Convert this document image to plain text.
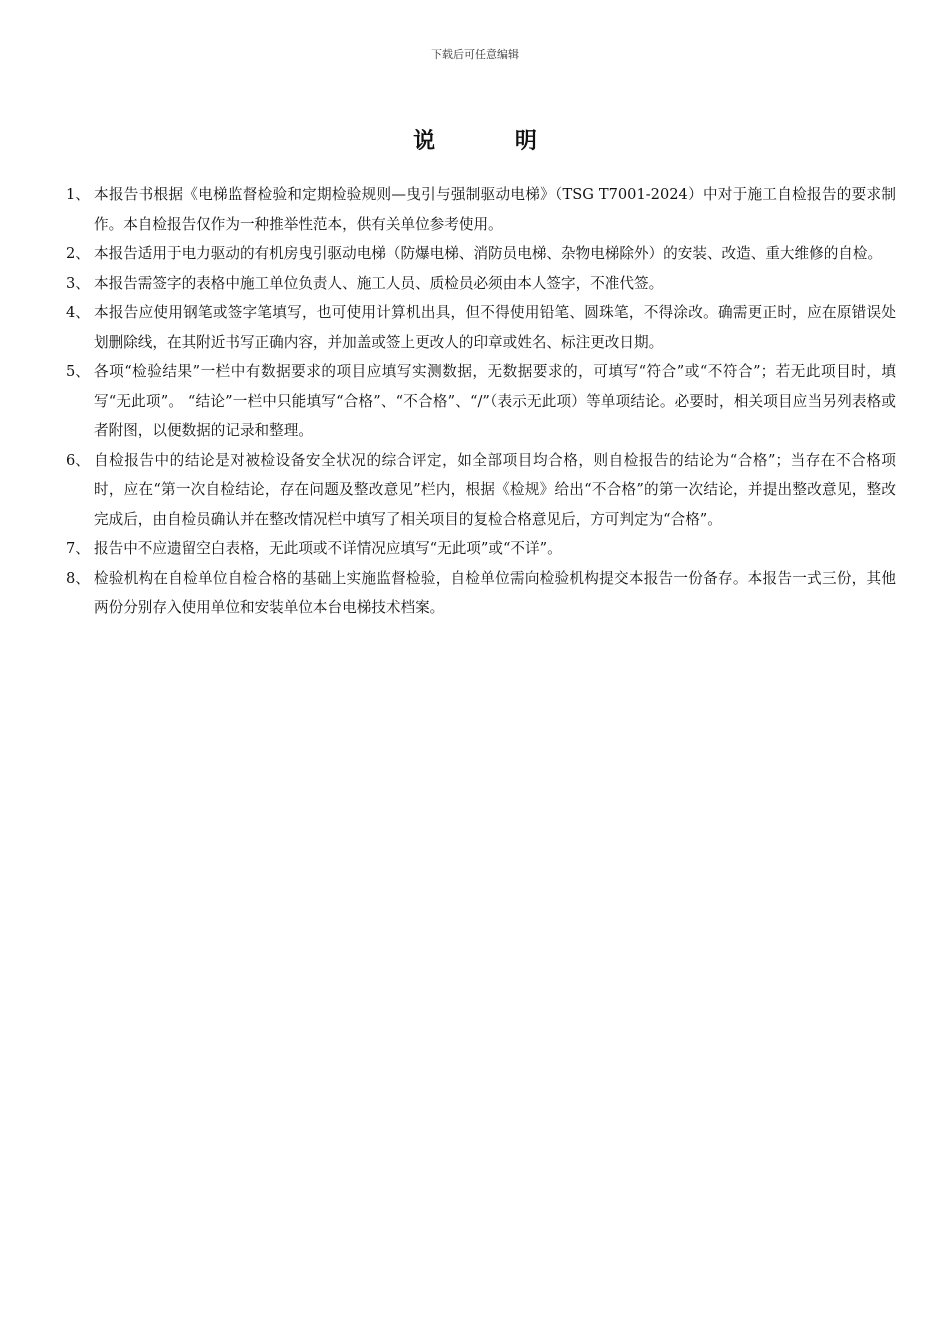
下载后可任意编辑
说 明
1、 本报告书根据《电梯监督检验和定期检验规则—曳引与强制驱动电梯》（TSG T7001-2024）中对于施工自检报告的要求制作。本自检报告仅作为一种推举性范本，供有关单位参考使用。
2、 本报告适用于电力驱动的有机房曳引驱动电梯（防爆电梯、消防员电梯、杂物电梯除外）的安装、改造、重大维修的自检。
3、 本报告需签字的表格中施工单位负责人、施工人员、质检员必须由本人签字，不准代签。
4、 本报告应使用钢笔或签字笔填写，也可使用计算机出具，但不得使用铅笔、圆珠笔，不得涂改。确需更正时，应在原错误处划删除线，在其附近书写正确内容，并加盖或签上更改人的印章或姓名、标注更改日期。
5、 各项“检验结果”一栏中有数据要求的项目应填写实测数据，无数据要求的，可填写“符合”或“不符合”；若无此项目时，填写“无此项”。 “结论”一栏中只能填写“合格”、“不合格”、“/”（表示无此项）等单项结论。必要时，相关项目应当另列表格或者附图，以便数据的记录和整理。
6、 自检报告中的结论是对被检设备安全状况的综合评定，如全部项目均合格，则自检报告的结论为“合格”；当存在不合格项时，应在“第一次自检结论，存在问题及整改意见”栏内，根据《检规》给出“不合格”的第一次结论，并提出整改意见，整改完成后，由自检员确认并在整改情况栏中填写了相关项目的复检合格意见后，方可判定为“合格”。
7、 报告中不应遗留空白表格，无此项或不详情况应填写“无此项”或“不详”。
8、 检验机构在自检单位自检合格的基础上实施监督检验，自检单位需向检验机构提交本报告一份备存。本报告一式三份，其他两份分别存入使用单位和安装单位本台电梯技术档案。
